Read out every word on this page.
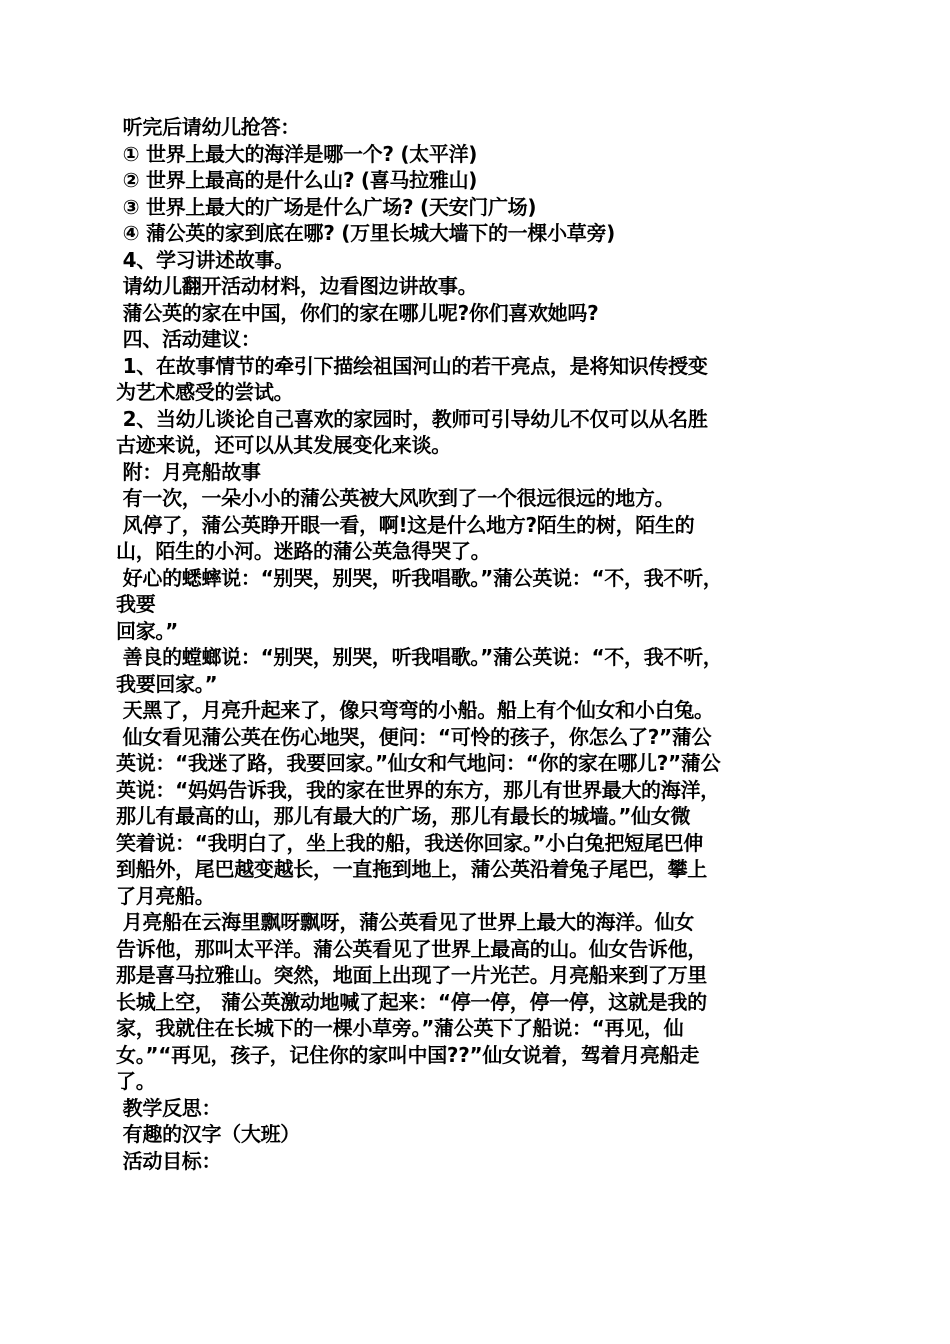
听完后请幼儿抢答：
① 世界上最大的海洋是哪一个? (太平洋)
② 世界上最高的是什么山? (喜马拉雅山)
③ 世界上最大的广场是什么广场? (天安门广场)
④ 蒲公英的家到底在哪? (万里长城大墙下的一棵小草旁)
4、学习讲述故事。
请幼儿翻开活动材料，边看图边讲故事。
蒲公英的家在中国，你们的家在哪儿呢?你们喜欢她吗?
四、活动建议：
1、在故事情节的牵引下描绘祖国河山的若干亮点，是将知识传授变
为艺术感受的尝试。
2、当幼儿谈论自己喜欢的家园时，教师可引导幼儿不仅可以从名胜
古迹来说，还可以从其发展变化来谈。
附：月亮船故事
有一次，一朵小小的蒲公英被大风吹到了一个很远很远的地方。
风停了，蒲公英睁开眼一看，啊!这是什么地方?陌生的树，陌生的
山，陌生的小河。迷路的蒲公英急得哭了。
好心的蟋蟀说：“别哭，别哭，听我唱歌。”蒲公英说：“不，我不听，
我要
回家。”
善良的螳螂说：“别哭，别哭，听我唱歌。”蒲公英说：“不，我不听，
我要回家。”
天黑了，月亮升起来了，像只弯弯的小船。船上有个仙女和小白兔。
仙女看见蒲公英在伤心地哭，便问：“可怜的孩子，你怎么了?”蒲公
英说：“我迷了路，我要回家。”仙女和气地问：“你的家在哪儿?”蒲公
英说：“妈妈告诉我，我的家在世界的东方，那儿有世界最大的海洋，
那儿有最高的山，那儿有最大的广场，那儿有最长的城墙。”仙女微
笑着说：“我明白了，坐上我的船，我送你回家。”小白兔把短尾巴伸
到船外，尾巴越变越长，一直拖到地上，蒲公英沿着兔子尾巴，攀上
了月亮船。
月亮船在云海里飘呀飘呀，蒲公英看见了世界上最大的海洋。仙女
告诉他，那叫太平洋。蒲公英看见了世界上最高的山。仙女告诉他，
那是喜马拉雅山。突然，地面上出现了一片光芒。月亮船来到了万里
长城上空， 蒲公英激动地喊了起来：“停一停，停一停，这就是我的
家，我就住在长城下的一棵小草旁。”蒲公英下了船说：“再见，仙
女。”“再见，孩子，记住你的家叫中国??”仙女说着，驾着月亮船走
了。
教学反思：
有趣的汉字（大班）
活动目标：
